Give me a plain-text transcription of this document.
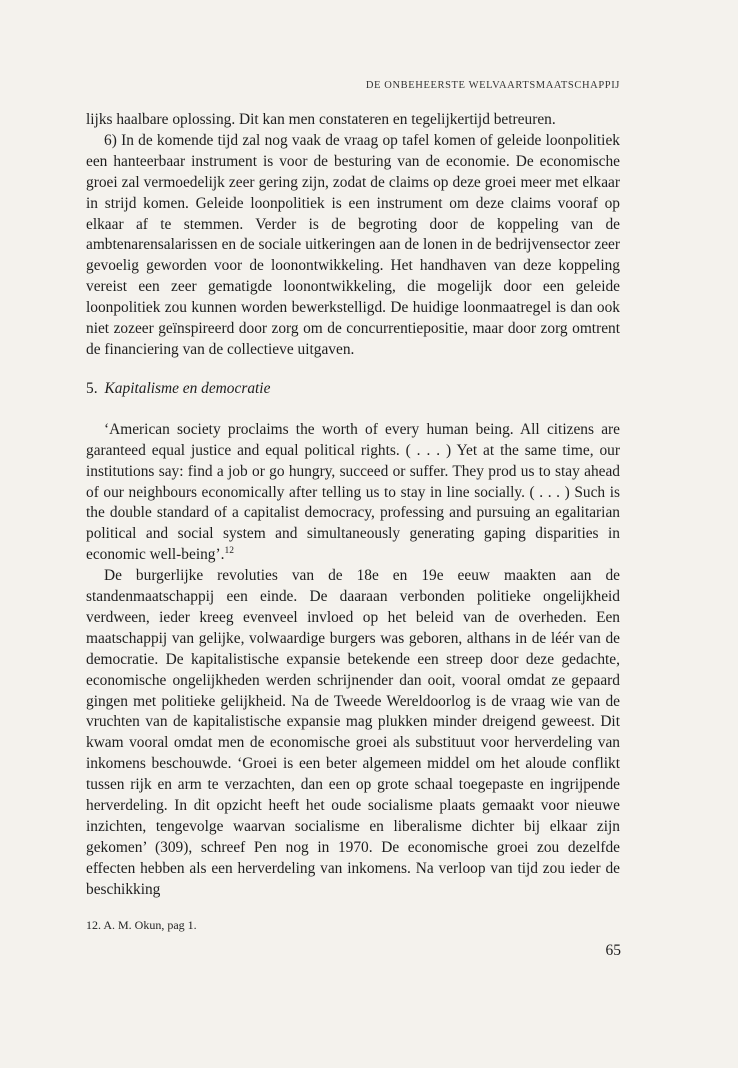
DE ONBEHEERSTE WELVAARTSMAATSCHAPPIJ

lijks haalbare oplossing. Dit kan men constateren en tegelijkertijd betreuren.

6) In de komende tijd zal nog vaak de vraag op tafel komen of geleide loonpolitiek een hanteerbaar instrument is voor de besturing van de economie. De economische groei zal vermoedelijk zeer gering zijn, zodat de claims op deze groei meer met elkaar in strijd komen. Geleide loonpolitiek is een instrument om deze claims vooraf op elkaar af te stemmen. Verder is de begroting door de koppeling van de ambtenarensalarissen en de sociale uitkeringen aan de lonen in de bedrijvensector zeer gevoelig geworden voor de loonontwikkeling. Het handhaven van deze koppeling vereist een zeer gematigde loonontwikkeling, die mogelijk door een geleide loonpolitiek zou kunnen worden bewerkstelligd. De huidige loonmaatregel is dan ook niet zozeer geïnspireerd door zorg om de concurrentiepositie, maar door zorg omtrent de financiering van de collectieve uitgaven.

5. Kapitalisme en democratie

‘American society proclaims the worth of every human being. All citizens are garanteed equal justice and equal political rights. ( . . . ) Yet at the same time, our institutions say: find a job or go hungry, succeed or suffer. They prod us to stay ahead of our neighbours economically after telling us to stay in line socially. ( . . . ) Such is the double standard of a capitalist democracy, professing and pursuing an egalitarian political and social system and simultaneously generating gaping disparities in economic well-being’.$^{12}$

De burgerlijke revoluties van de 18e en 19e eeuw maakten aan de standenmaatschappij een einde. De daaraan verbonden politieke ongelijkheid verdween, ieder kreeg evenveel invloed op het beleid van de overheden. Een maatschappij van gelijke, volwaardige burgers was geboren, althans in de léér van de democratie. De kapitalistische expansie betekende een streep door deze gedachte, economische ongelijkheden werden schrijnender dan ooit, vooral omdat ze gepaard gingen met politieke gelijkheid. Na de Tweede Wereldoorlog is de vraag wie van de vruchten van de kapitalistische expansie mag plukken minder dreigend geweest. Dit kwam vooral omdat men de economische groei als substituut voor herverdeling van inkomens beschouwde. ‘Groei is een beter algemeen middel om het aloude conflikt tussen rijk en arm te verzachten, dan een op grote schaal toegepaste en ingrijpende herverdeling. In dit opzicht heeft het oude socialisme plaats gemaakt voor nieuwe inzichten, tengevolge waarvan socialisme en liberalisme dichter bij elkaar zijn gekomen’ (309), schreef Pen nog in 1970. De economische groei zou dezelfde effecten hebben als een herverdeling van inkomens. Na verloop van tijd zou ieder de beschikking

12. A. M. Okun, pag 1.
65
